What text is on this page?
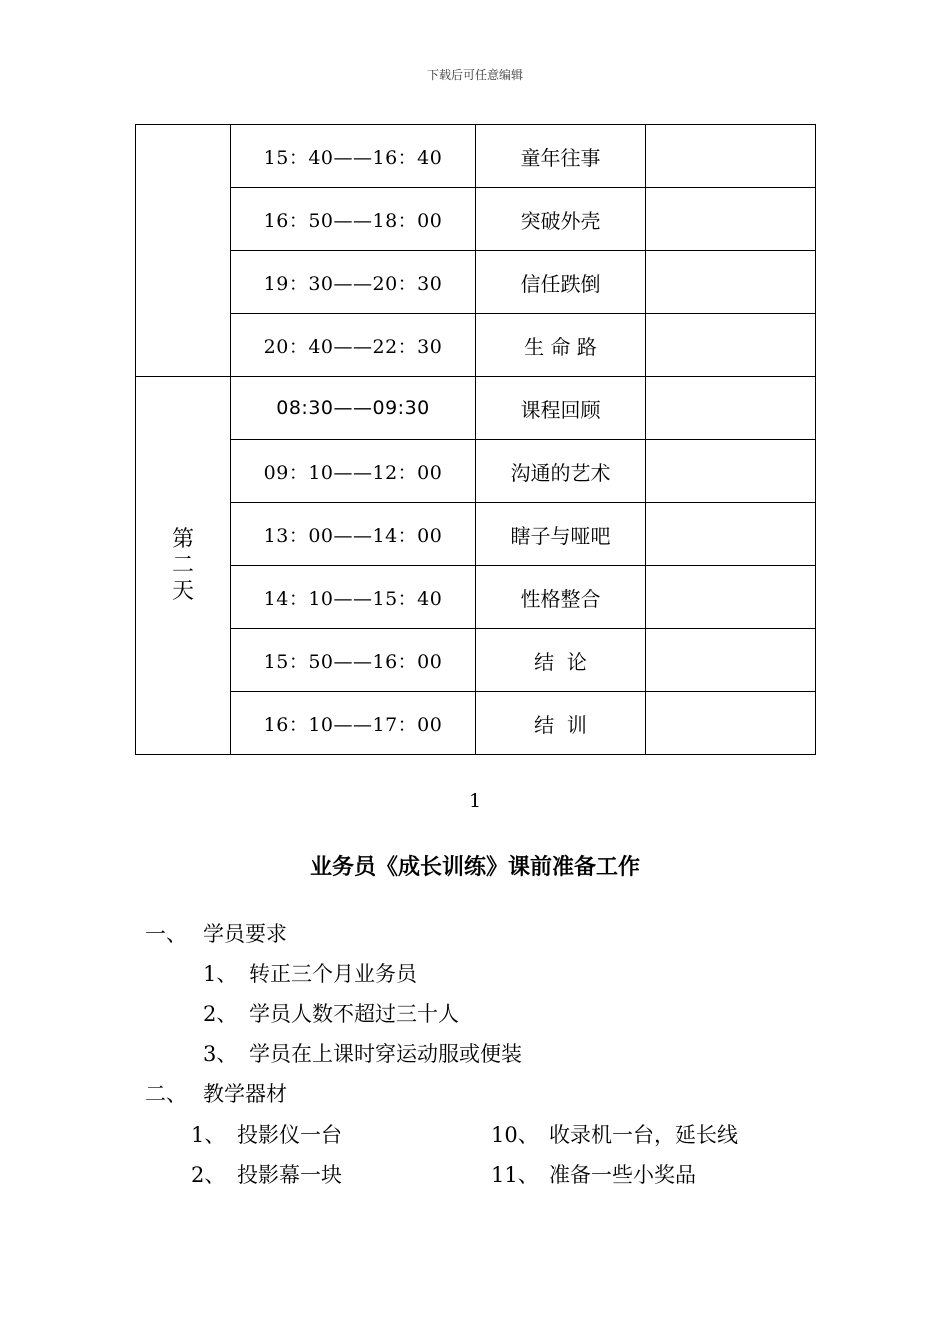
下载后可任意编辑
	15：40——16：40	童年往事	
	16：50——18：00	突破外壳	
	19：30——20：30	信任跌倒	
	20：40——22：30	生 命 路	
第二天	08:30——09:30	课程回顾	
	09：10——12：00	沟通的艺术	
	13：00——14：00	瞎子与哑吧	
	14：10——15：40	性格整合	
	15：50——16：00	结  论	
	16：10——17：00	结  训	
1
业务员《成长训练》课前准备工作
一、 学员要求
1、 转正三个月业务员
2、 学员人数不超过三十人
3、 学员在上课时穿运动服或便装
二、 教学器材
1、 投影仪一台	10、 收录机一台，延长线
2、 投影幕一块	11、 准备一些小奖品
